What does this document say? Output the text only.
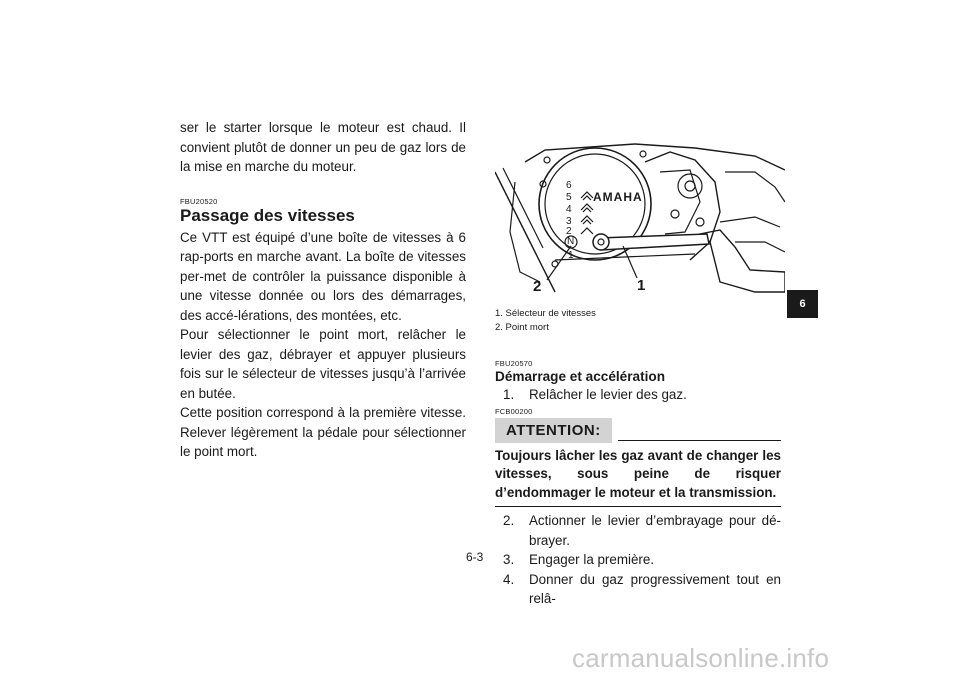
ser le starter lorsque le moteur est chaud. Il convient plutôt de donner un peu de gaz lors de la mise en marche du moteur.

FBU20520

Passage des vitesses

Ce VTT est équipé d’une boîte de vitesses à 6 rap-ports en marche avant. La boîte de vitesses per-met de contrôler la puissance disponible à une vitesse donnée ou lors des démarrages, des accé-lérations, des montées, etc.

Pour sélectionner le point mort, relâcher le levier des gaz, débrayer et appuyer plusieurs fois sur le sélecteur de vitesses jusqu’à l’arrivée en butée.

Cette position correspond à la première vitesse. Relever légèrement la pédale pour sélectionner le point mort.

AMAHA
6
5
4
3
2
N
1
2	1

1. Sélecteur de vitesses

2. Point mort

FBU20570

Démarrage et accélération
1.	Relâcher le levier des gaz.

FCB00200

ATTENTION:

Toujours lâcher les gaz avant de changer les vitesses, sous peine de risquer d’endommager le moteur et la transmission.

2.	Actionner le levier d’embrayage pour dé-brayer.
3.	Engager la première.
4.	Donner du gaz progressivement tout en relâ-
6-3
6
carmanualsonline.info
